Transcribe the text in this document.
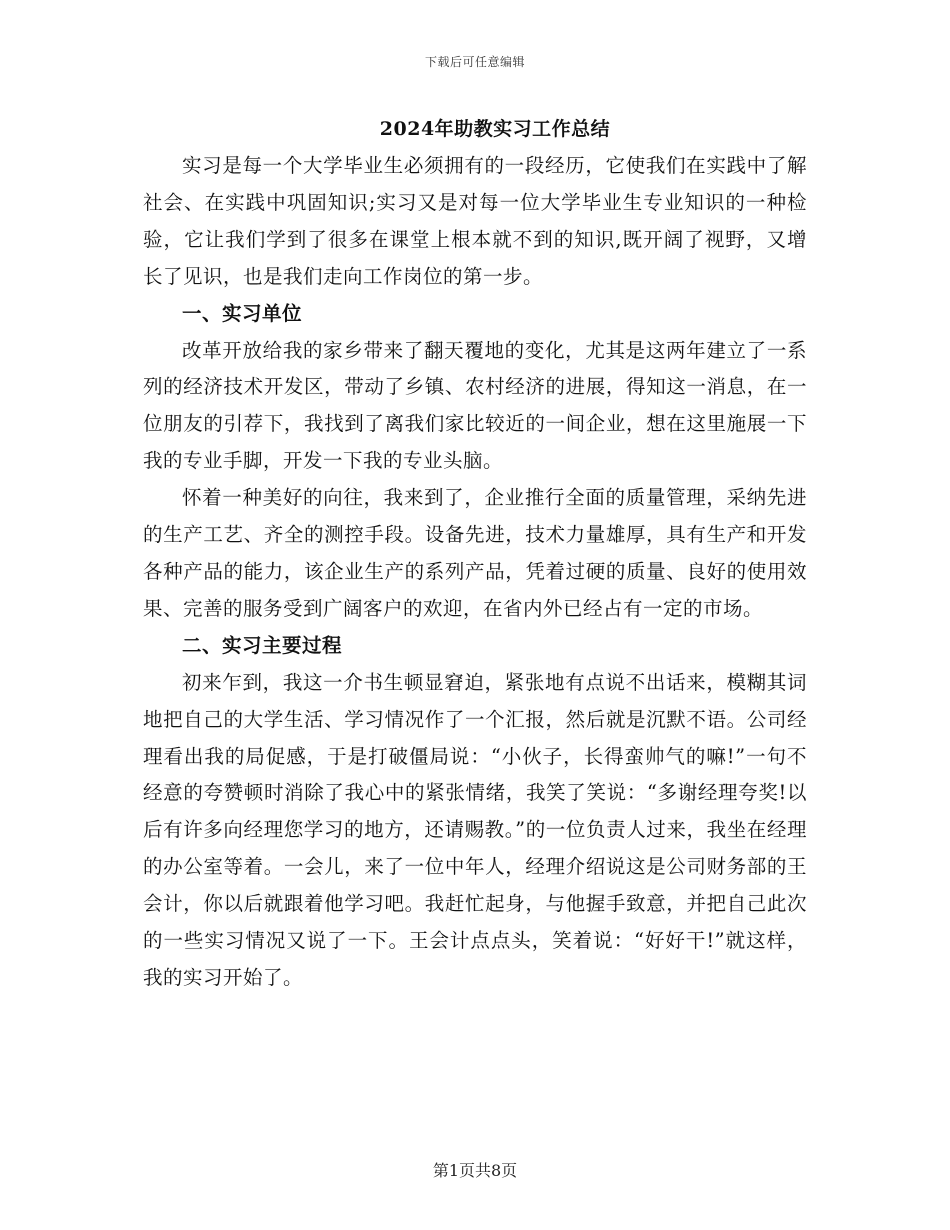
下载后可任意编辑
2024年助教实习工作总结

实习是每一个大学毕业生必须拥有的一段经历，它使我们在实践中了解社会、在实践中巩固知识;实习又是对每一位大学毕业生专业知识的一种检验，它让我们学到了很多在课堂上根本就不到的知识,既开阔了视野，又增长了见识，也是我们走向工作岗位的第一步。

一、实习单位

改革开放给我的家乡带来了翻天覆地的变化，尤其是这两年建立了一系列的经济技术开发区，带动了乡镇、农村经济的进展，得知这一消息，在一位朋友的引荐下，我找到了离我们家比较近的一间企业，想在这里施展一下我的专业手脚，开发一下我的专业头脑。

怀着一种美好的向往，我来到了，企业推行全面的质量管理，采纳先进的生产工艺、齐全的测控手段。设备先进，技术力量雄厚，具有生产和开发各种产品的能力，该企业生产的系列产品，凭着过硬的质量、良好的使用效果、完善的服务受到广阔客户的欢迎，在省内外已经占有一定的市场。

二、实习主要过程

初来乍到，我这一介书生顿显窘迫，紧张地有点说不出话来，模糊其词地把自己的大学生活、学习情况作了一个汇报，然后就是沉默不语。公司经理看出我的局促感，于是打破僵局说：“小伙子，长得蛮帅气的嘛!”一句不经意的夸赞顿时消除了我心中的紧张情绪，我笑了笑说：“多谢经理夸奖!以后有许多向经理您学习的地方，还请赐教。”的一位负责人过来，我坐在经理的办公室等着。一会儿，来了一位中年人，经理介绍说这是公司财务部的王会计，你以后就跟着他学习吧。我赶忙起身，与他握手致意，并把自己此次的一些实习情况又说了一下。王会计点点头，笑着说：“好好干!”就这样，我的实习开始了。

第1页共8页
